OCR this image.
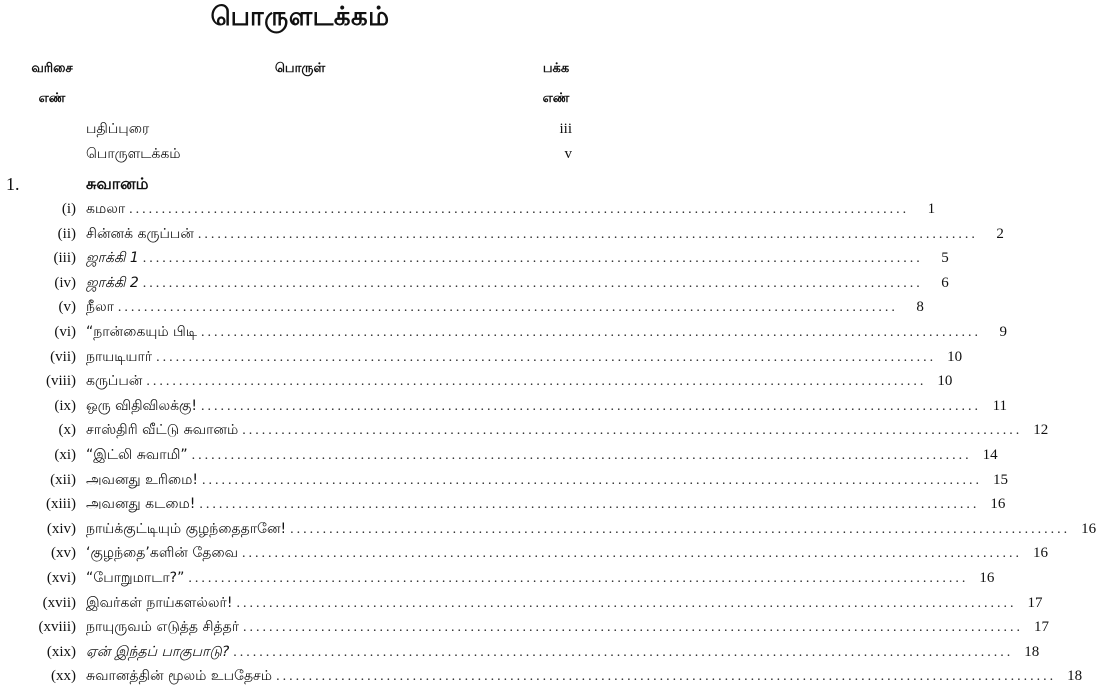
பொருளடக்கம்
வரிசை
எண்
பொருள்	பக்க
எண்
பதிப்புரை	iii
பொருளடக்கம்	v
1.	சுவானம்
(i) கமலா ........................................................................................................................	1
(ii) சின்னக் கருப்பன் ........................................................................................................................	2
(iii) ஜாக்கி 1 ........................................................................................................................	5
(iv) ஜாக்கி 2 ........................................................................................................................	6
(v) நீலா ........................................................................................................................	8
(vi) “நான்கையும் பிடி ........................................................................................................................	9
(vii) நாயடியார் ........................................................................................................................ 10
(viii) கருப்பன் ........................................................................................................................ 10
(ix) ஒரு விதிவிலக்கு! ........................................................................................................................ 11
(x) சாஸ்திரி வீட்டு சுவானம் ........................................................................................................................ 12
(xi) “இட்லி சுவாமி” ........................................................................................................................ 14
(xii) அவனது உரிமை! ........................................................................................................................ 15
(xiii) அவனது கடமை! ........................................................................................................................ 16
(xiv) நாய்க்குட்டியும் குழந்தைதானே! ........................................................................................................................ 16
(xv) ‘குழந்தை’களின் தேவை ........................................................................................................................ 16
(xvi) “போறுமாடா?” ........................................................................................................................ 16
(xvii) இவர்கள் நாய்களல்லர்! ........................................................................................................................ 17
(xviii) நாயுருவம் எடுத்த சித்தர் ........................................................................................................................ 17
(xix) ஏன் இந்தப் பாகுபாடு? ........................................................................................................................ 18
(xx) சுவானத்தின் மூலம் உபதேசம் ........................................................................................................................ 18
